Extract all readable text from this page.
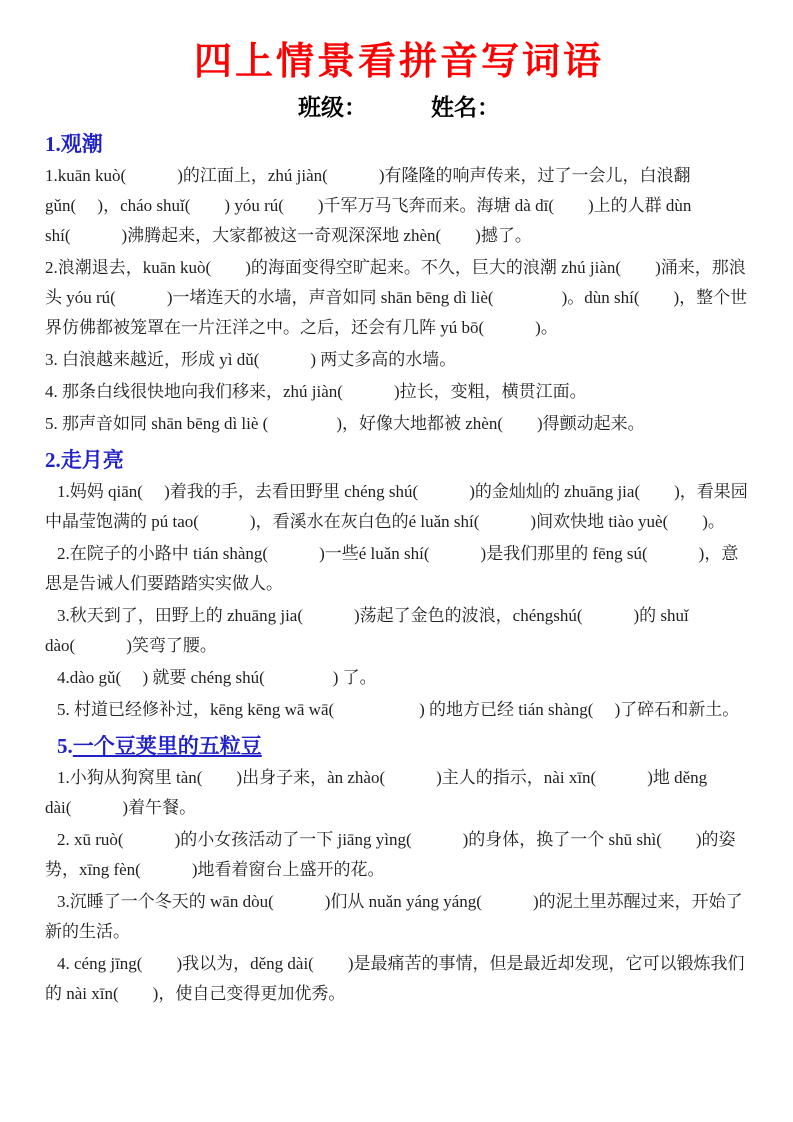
四上情景看拼音写词语
班级：	姓名：
1.观潮

1.kuān kuò(            )的江面上，zhú jiàn(            )有隆隆的响声传来，过了一会儿，白浪翻 gǔn(     )，cháo shuǐ(        ) yóu rú(        )千军万马飞奔而来。海塘 dà dī(        )上的人群 dùn shí(            )沸腾起来，大家都被这一奇观深深地 zhèn(        )撼了。

2.浪潮退去，kuān kuò(        )的海面变得空旷起来。不久，巨大的浪潮 zhú jiàn(        )涌来，那浪头 yóu rú(            )一堵连天的水墙，声音如同 shān bēng dì liè(                )。dùn shí(        )，整个世界仿佛都被笼罩在一片汪洋之中。之后，还会有几阵 yú bō(            )。

3. 白浪越来越近，形成 yì dǔ(            ) 两丈多高的水墙。

4. 那条白线很快地向我们移来，zhú jiàn(            )拉长，变粗，横贯江面。

5. 那声音如同 shān bēng dì liè (                )，好像大地都被 zhèn(        )得颤动起来。

2.走月亮

1.妈妈 qiān(     )着我的手，去看田野里 chéng shú(            )的金灿灿的 zhuāng jia(        )，看果园中晶莹饱满的 pú tao(            )，看溪水在灰白色的é luǎn shí(            )间欢快地 tiào yuè(        )。

2.在院子的小路中 tián shàng(            )一些é luǎn shí(            )是我们那里的 fēng sú(            )，意思是告诫人们要踏踏实实做人。

3.秋天到了，田野上的 zhuāng jia(            )荡起了金色的波浪，chéngshú(            )的 shuǐ dào(            )笑弯了腰。

4.dào gǔ(     ) 就要 chéng shú(                ) 了。

5. 村道已经修补过，kēng kēng wā wā(                    ) 的地方已经 tián shàng(     )了碎石和新土。

5.一个豆荚里的五粒豆

1.小狗从狗窝里 tàn(        )出身子来，àn zhào(            )主人的指示，nài xīn(            )地 děng dài(            )着午餐。

2. xū ruò(            )的小女孩活动了一下 jiāng yìng(            )的身体，换了一个 shū shì(        )的姿势，xīng fèn(            )地看着窗台上盛开的花。

3.沉睡了一个冬天的 wān dòu(            )们从 nuǎn yáng yáng(            )的泥土里苏醒过来，开始了新的生活。

4. céng jīng(        )我以为，děng dài(        )是最痛苦的事情，但是最近却发现，它可以锻炼我们的 nài xīn(        )，使自己变得更加优秀。
